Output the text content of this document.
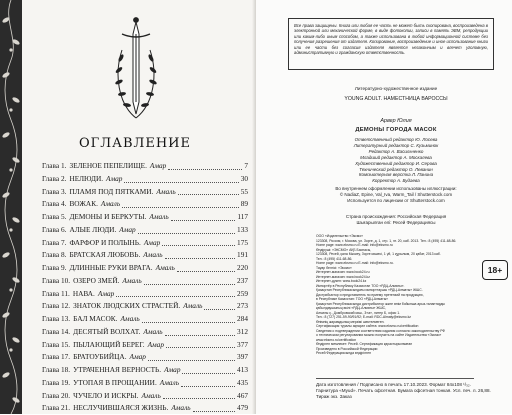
ОГЛАВЛЕНИЕ
Глава 1. ЗЕЛЕНОЕ ПЕПЕЛИЩЕ. Амар	7
Глава 2. НЕЛЮДИ. Амар	30
Глава 3. ПЛАМЯ ПОД ПЯТКАМИ. Амаль	55
Глава 4. ВОЖАК. Амаль	89
Глава 5. ДЕМОНЫ И БЕРКУТЫ. Амаль	117
Глава 6. АЛЫЕ ЛЮДИ. Амар	133
Глава 7. ФАРФОР И ПОЛЫНЬ. Амар	175
Глава 8. БРАТСКАЯ ЛЮБОВЬ. Амаль	191
Глава 9. ДЛИННЫЕ РУКИ ВРАГА. Амаль	220
Глава 10. ОЗЕРО ЗМЕЙ. Амаль	237
Глава 11. НАВА. Амар	259
Глава 12. ЗНАТОК ЛЮДСКИХ СТРАСТЕЙ. Амаль	273
Глава 13. БАЛ МАСОК. Амаль	284
Глава 14. ДЕСЯТЫЙ ВОЛХАТ. Амаль	312
Глава 15. ПЫЛАЮЩИЙ БЕРЕГ. Амар	377
Глава 17. БРАТОУБИЙЦА. Амар	397
Глава 18. УТРАЧЕННАЯ ВЕРНОСТЬ. Амар	413
Глава 19. УТОПАЯ В ПРОЩАНИИ. Амаль	435
Глава 20. ЧУЧЕЛО И ИСКРЫ. Амаль	467
Глава 21. НЕСЛУЧИВШАЯСЯ ЖИЗНЬ. Амаль	479
Все права защищены. Книга или любая ее часть не может быть скопирована, воспроизведена в электронной или механической форме, в виде фотокопии, записи в память ЭВМ, репродукции или каким-либо иным способом, а также использована в любой информационной системе без получения разрешения от издателя. Копирование, воспроизведение и иное использование книги или ее части без согласия издателя является незаконным и влечет уголовную, административную и гражданскую ответственность.
Литературно-художественное издание
YOUNG ADULT. НАМЕСТНИЦА ВАРОССЫ
Арвер Юлия
ДЕМОНЫ ГОРОДА МАСОК
Ответственный редактор Ю. Лосева
Литературный редактор С. Кузьминок
Редактор А. Васильченко
Младший редактор А. Москалева
Художественный редактор И. Серова
Технический редактор О. Леванин
Компьютерная верстка Л. Панина
Корректор А. Будаева
Во внутреннем оформлении использованы иллюстрации:
© NadiaZ, Epine, Val_Iva, Warm_Tail / Shutterstock.com
Используется по лицензии от Shutterstock.com
Страна происхождения: Российская Федерация
Шығарылған елі: Ресей Федерациясы
ООО «Издательство «Эксмо»
123308, Россия, г. Москва, ул. Зорге, д. 1, стр. 1, эт. 20, каб. 2013. Тел.: 8 (495) 411-68-86.
Home page: www.eksmo.ru E-mail: info@eksmo.ru
Өндіруші: «ЭКСМО» АҚБ Баспасы,
123308, Ресей, қала Мәскеу, Зорге көшесі, 1 үй, 1 құрылым, 20 қабат, 2013 каб.
Тел.: 8 (495) 411-68-86.
Home page: www.eksmo.ru E-mail: info@eksmo.ru.
Тауар белгісі: «Эксмо»
Интернет-магазин: www.book24.ru
Интернет-магазин: www.book24.kz
Интернет-дүкен: www.book24.kz
Импортёр в Республику Казахстан ТОО «РДЦ-Алматы».
Қазақстан Республикасындағы импорттаушы «РДЦ-Алматы» ЖШС.
Дистрибьютор и представитель по приему претензий на продукцию,
в Республике Казахстан: ТОО «РДЦ-Алматы»
Қазақстан Республикасында дистрибьютор және өнім бойынша арыз-талаптарды
қабылдаушының өкілі «РДЦ-Алматы» ЖШС,
Алматы қ., Домбровский көш., 3«а», литер Б, офис 1.
Тел.: 8 (727) 251-59-90/91/92; E-mail: RDC-Almaty@eksmo.kz
Өнімнің жарамдылық мерзімі шектелмеген.
Сертификация туралы ақпарат сайтта: www.eksmo.ru/certification
Сведения о подтверждении соответствия издания согласно законодательству РФ
о техническом регулировании можно получить на сайте Издательства «Эксмо»
www.eksmo.ru/certification
Өндірген мемлекет: Ресей. Сертификация қарастырылмаған
Произведено в Российской Федерации
Ресей Федерациясында өндірілген
18+
Дата изготовления / Подписано в печать 17.10.2023. Формат 84x108 ¹/₃₂.
Гарнитура «Myud». Печать офсетная. Бумага офсетная тонкая. Усл. печ. л. 26,88.
Тираж экз. Заказ
